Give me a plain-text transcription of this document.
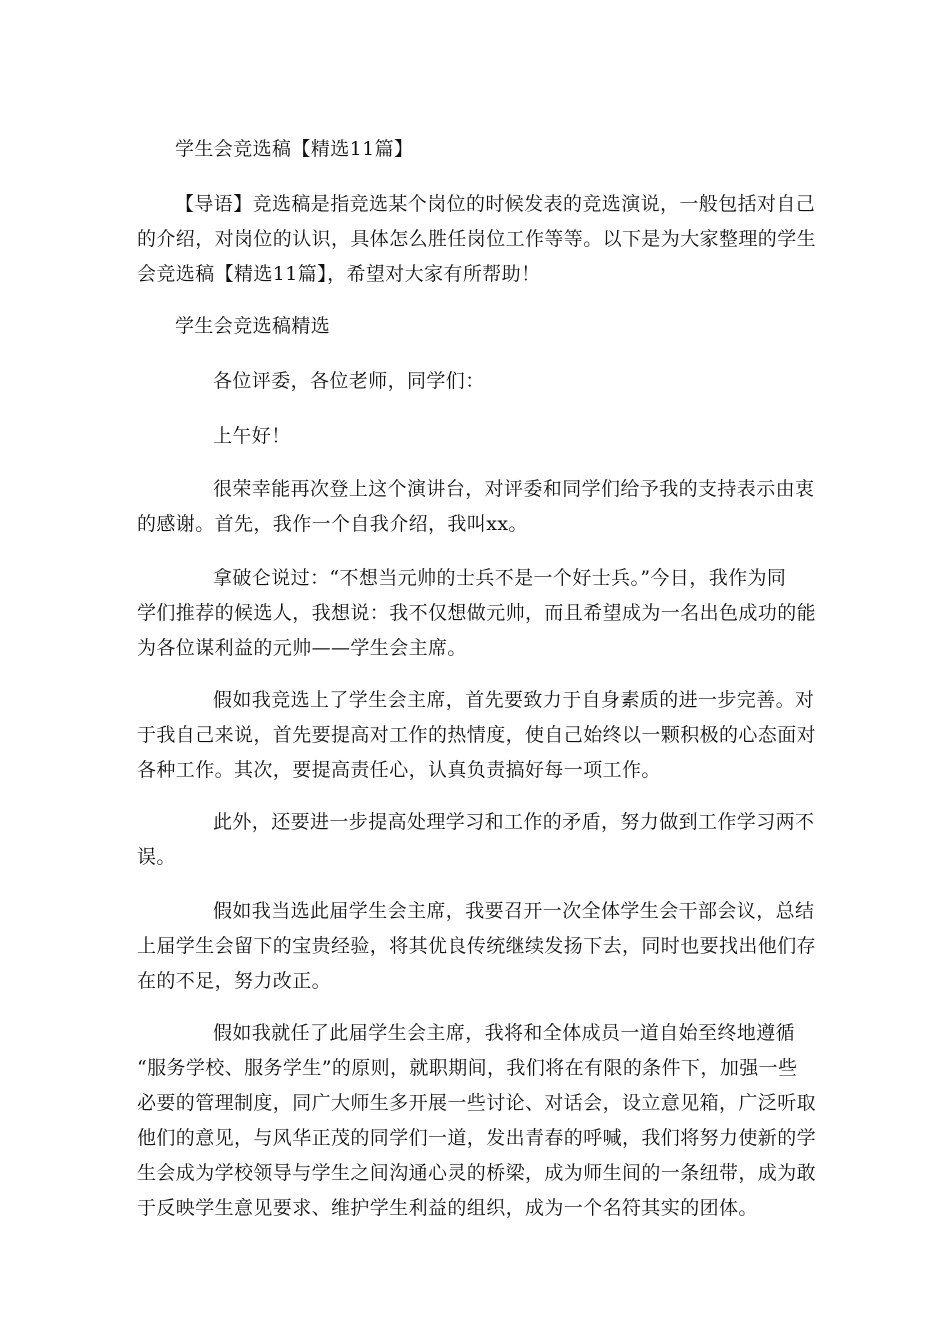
学生会竞选稿【精选11篇】
【导语】竞选稿是指竞选某个岗位的时候发表的竞选演说，一般包括对自己
的介绍，对岗位的认识，具体怎么胜任岗位工作等等。以下是为大家整理的学生
会竞选稿【精选11篇】，希望对大家有所帮助！
学生会竞选稿精选
各位评委，各位老师，同学们：
上午好！
很荣幸能再次登上这个演讲台，对评委和同学们给予我的支持表示由衷
的感谢。首先，我作一个自我介绍，我叫xx。
拿破仑说过：“不想当元帅的士兵不是一个好士兵。”今日，我作为同
学们推荐的候选人，我想说：我不仅想做元帅，而且希望成为一名出色成功的能
为各位谋利益的元帅——学生会主席。
假如我竞选上了学生会主席，首先要致力于自身素质的进一步完善。对
于我自己来说，首先要提高对工作的热情度，使自己始终以一颗积极的心态面对
各种工作。其次，要提高责任心，认真负责搞好每一项工作。
此外，还要进一步提高处理学习和工作的矛盾，努力做到工作学习两不
误。
假如我当选此届学生会主席，我要召开一次全体学生会干部会议，总结
上届学生会留下的宝贵经验，将其优良传统继续发扬下去，同时也要找出他们存
在的不足，努力改正。
假如我就任了此届学生会主席，我将和全体成员一道自始至终地遵循
“服务学校、服务学生”的原则，就职期间，我们将在有限的条件下，加强一些
必要的管理制度，同广大师生多开展一些讨论、对话会，设立意见箱，广泛听取
他们的意见，与风华正茂的同学们一道，发出青春的呼喊，我们将努力使新的学
生会成为学校领导与学生之间沟通心灵的桥梁，成为师生间的一条纽带，成为敢
于反映学生意见要求、维护学生利益的组织，成为一个名符其实的团体。
